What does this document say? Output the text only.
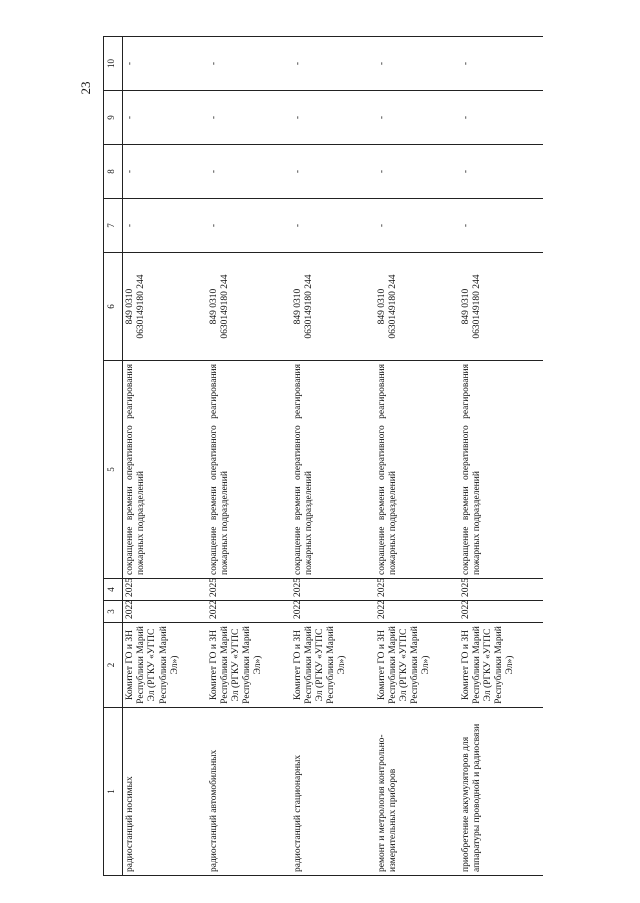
23
1	2	3	4	5	6	7	8	9	10
радиостанций носимых	Комитет ГО и ЗН Республики Марий Эл (РГКУ «УГПС Республики Марий Эл»)	2022	2025	сокращение времени оперативного реагирования пожарных подразделений	849 0310 0630149180 244	-	-	-	-
радиостанций автомобильных	Комитет ГО и ЗН Республики Марий Эл (РГКУ «УГПС Республики Марий Эл»)	2022	2025	сокращение времени оперативного реагирования пожарных подразделений	849 0310 0630149180 244	-	-	-	-
радиостанций стационарных	Комитет ГО и ЗН Республики Марий Эл (РГКУ «УГПС Республики Марий Эл»)	2022	2025	сокращение времени оперативного реагирования пожарных подразделений	849 0310 0630149180 244	-	-	-	-
ремонт и метрология контрольно-измерительных приборов	Комитет ГО и ЗН Республики Марий Эл (РГКУ «УГПС Республики Марий Эл»)	2022	2025	сокращение времени оперативного реагирования пожарных подразделений	849 0310 0630149180 244	-	-	-	-
приобретение аккумуляторов для аппаратуры проводной и радиосвязи	Комитет ГО и ЗН Республики Марий Эл (РГКУ «УГПС Республики Марий Эл»)	2022	2025	сокращение времени оперативного реагирования пожарных подразделений	849 0310 0630149180 244	-	-	-	-
